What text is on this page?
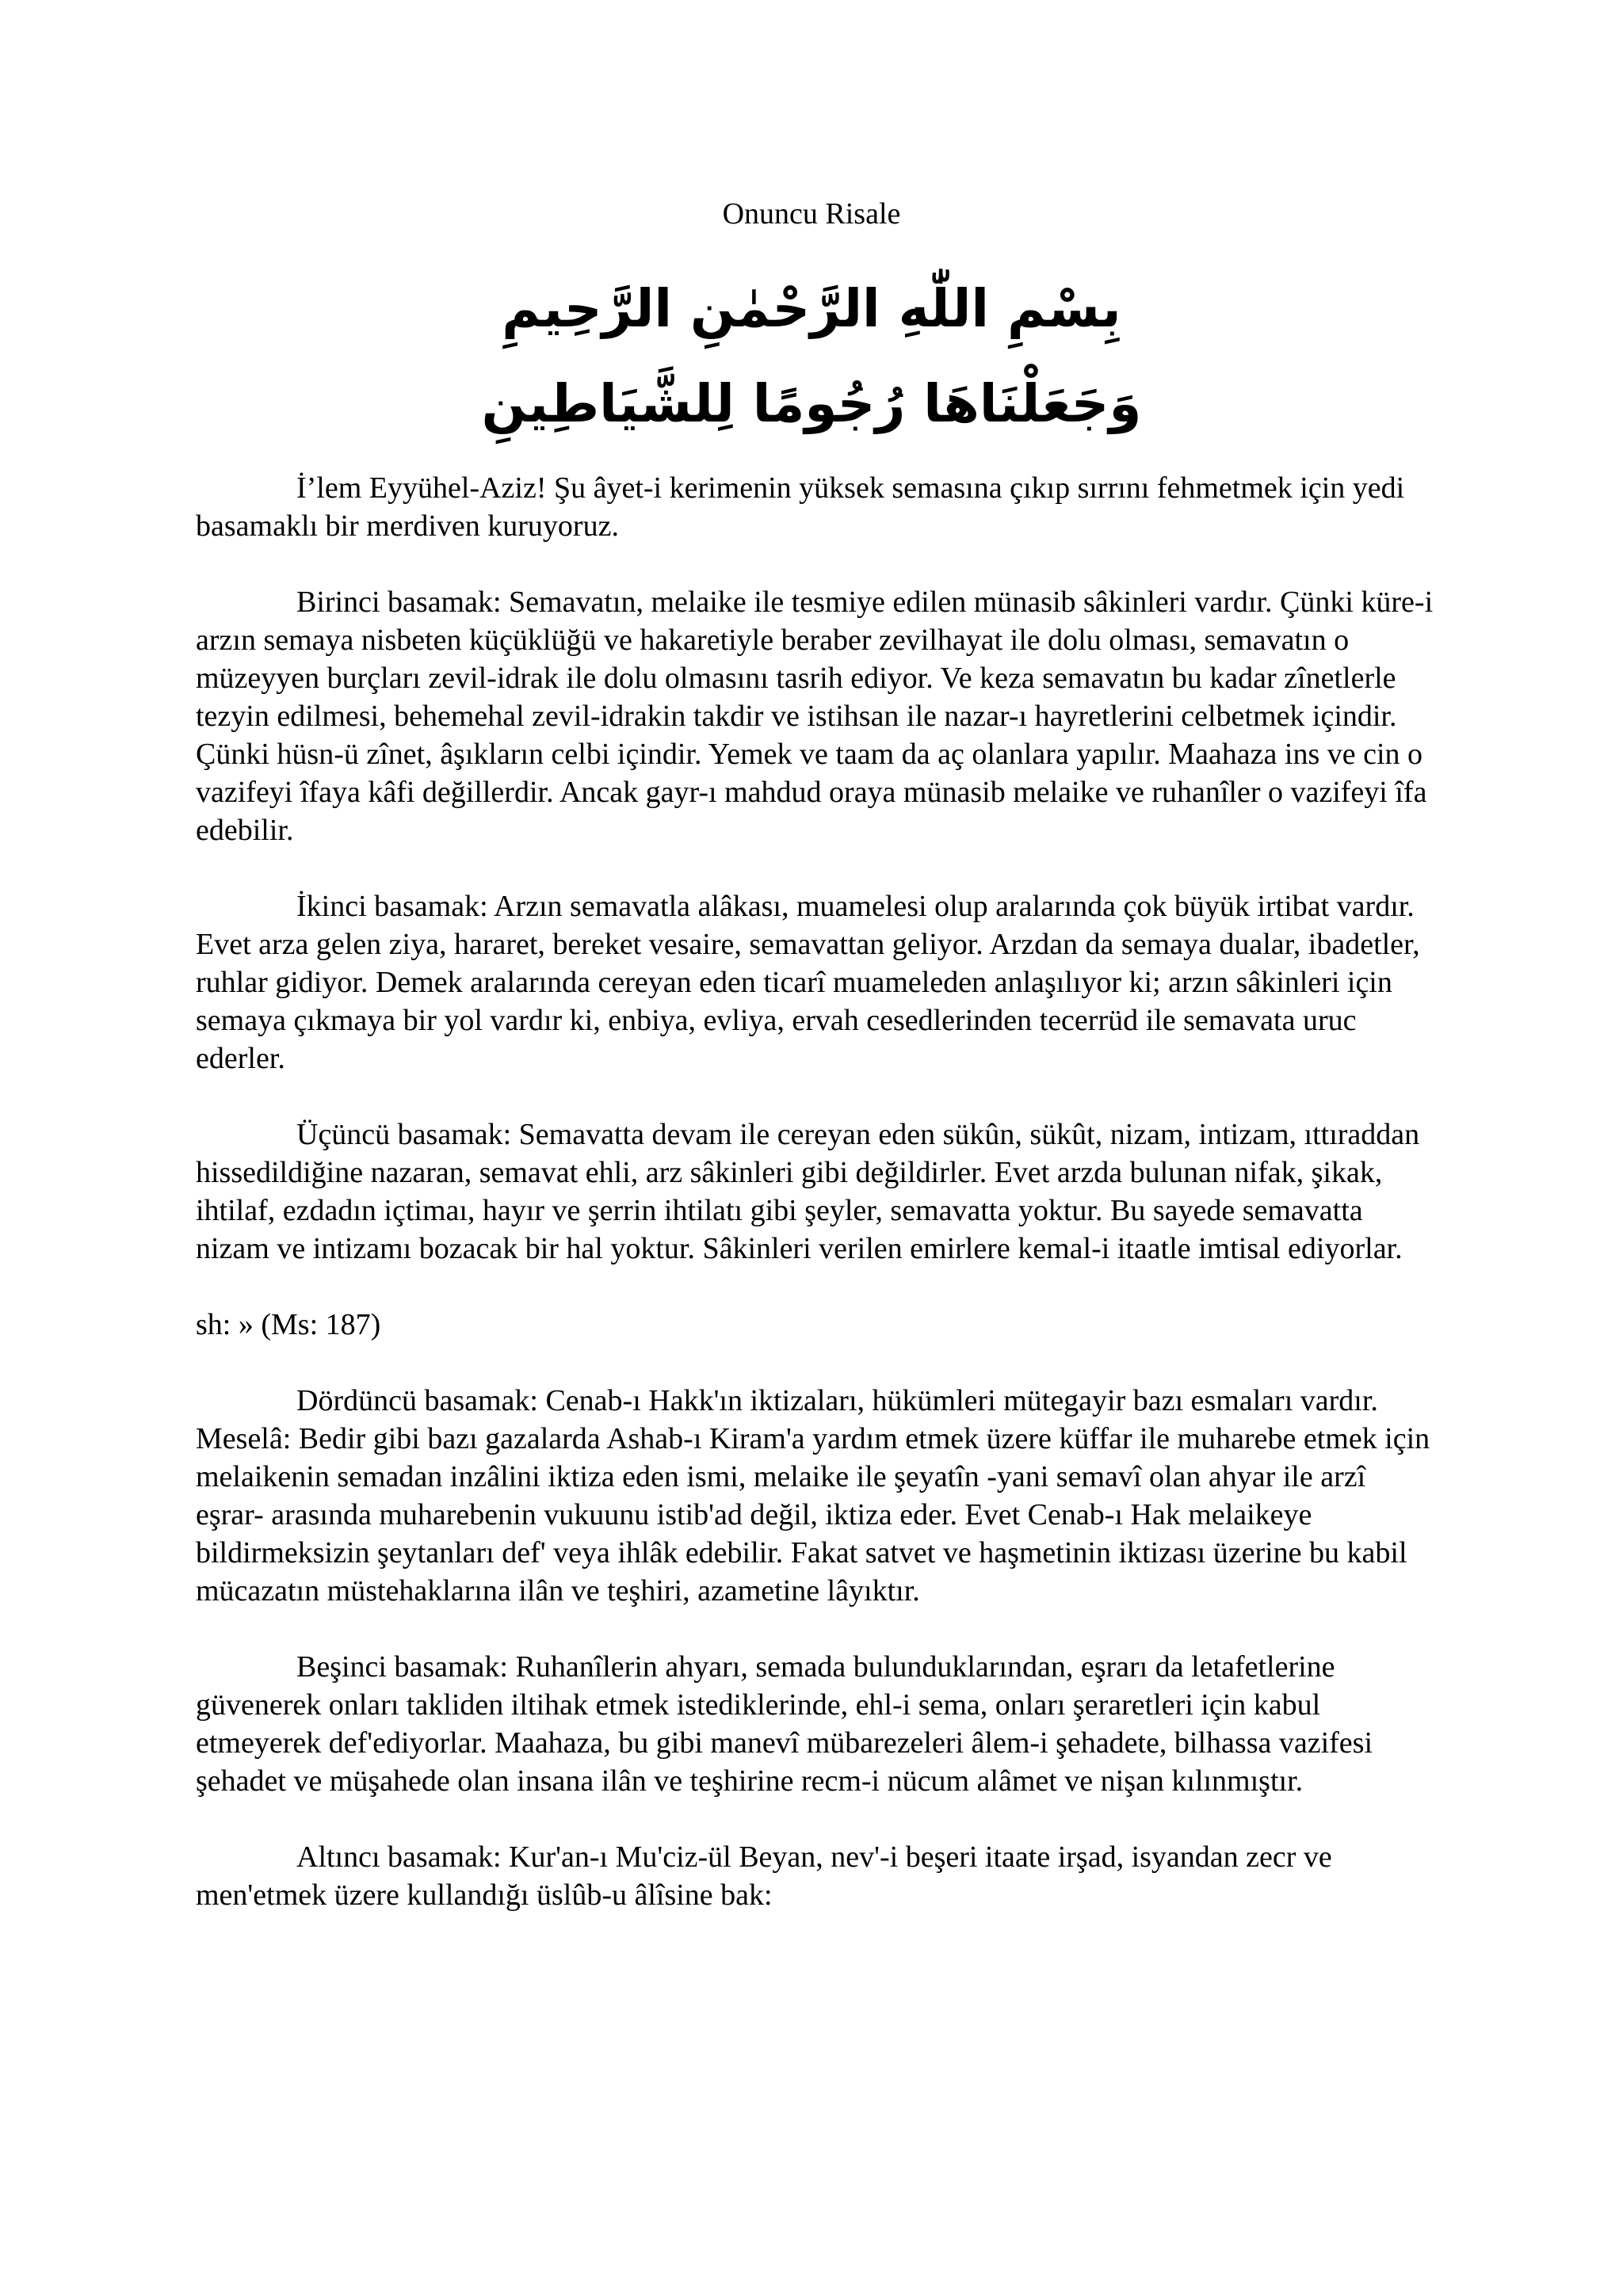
Onuncu Risale
بِسْمِ اللّٰهِ الرَّحْمٰنِ الرَّحِيمِ
وَجَعَلْنَاهَا رُجُومًا لِلشَّيَاطِينِ

İ’lem Eyyühel-Aziz! Şu âyet-i kerimenin yüksek semasına çıkıp sırrını fehmetmek için yedi basamaklı bir merdiven kuruyoruz.

Birinci basamak: Semavatın, melaike ile tesmiye edilen münasib sâkinleri vardır. Çünki küre-i arzın semaya nisbeten küçüklüğü ve hakaretiyle beraber zevilhayat ile dolu olması, semavatın o müzeyyen burçları zevil-idrak ile dolu olmasını tasrih ediyor. Ve keza semavatın bu kadar zînetlerle tezyin edilmesi, behemehal zevil-idrakin takdir ve istihsan ile nazar-ı hayretlerini celbetmek içindir. Çünki hüsn-ü zînet, âşıkların celbi içindir. Yemek ve taam da aç olanlara yapılır. Maahaza ins ve cin o vazifeyi îfaya kâfi değillerdir. Ancak gayr-ı mahdud oraya münasib melaike ve ruhanîler o vazifeyi îfa edebilir.

İkinci basamak: Arzın semavatla alâkası, muamelesi olup aralarında çok büyük irtibat vardır. Evet arza gelen ziya, hararet, bereket vesaire, semavattan geliyor. Arzdan da semaya dualar, ibadetler, ruhlar gidiyor. Demek aralarında cereyan eden ticarî muameleden anlaşılıyor ki; arzın sâkinleri için semaya çıkmaya bir yol vardır ki, enbiya, evliya, ervah cesedlerinden tecerrüd ile semavata uruc ederler.

Üçüncü basamak: Semavatta devam ile cereyan eden sükûn, sükût, nizam, intizam, ıttıraddan hissedildiğine nazaran, semavat ehli, arz sâkinleri gibi değildirler. Evet arzda bulunan nifak, şikak, ihtilaf, ezdadın içtimaı, hayır ve şerrin ihtilatı gibi şeyler, semavatta yoktur. Bu sayede semavatta nizam ve intizamı bozacak bir hal yoktur. Sâkinleri verilen emirlere kemal-i itaatle imtisal ediyorlar.

sh: » (Ms: 187)

Dördüncü basamak: Cenab-ı Hakk'ın iktizaları, hükümleri mütegayir bazı esmaları vardır. Meselâ: Bedir gibi bazı gazalarda Ashab-ı Kiram'a yardım etmek üzere küffar ile muharebe etmek için melaikenin semadan inzâlini iktiza eden ismi, melaike ile şeyatîn -yani semavî olan ahyar ile arzî eşrar- arasında muharebenin vukuunu istib'ad değil, iktiza eder. Evet Cenab-ı Hak melaikeye bildirmeksizin şeytanları def' veya ihlâk edebilir. Fakat satvet ve haşmetinin iktizası üzerine bu kabil mücazatın müstehaklarına ilân ve teşhiri, azametine lâyıktır.

Beşinci basamak: Ruhanîlerin ahyarı, semada bulunduklarından, eşrarı da letafetlerine güvenerek onları takliden iltihak etmek istediklerinde, ehl-i sema, onları şeraretleri için kabul etmeyerek def'ediyorlar. Maahaza, bu gibi manevî mübarezeleri âlem-i şehadete, bilhassa vazifesi şehadet ve müşahede olan insana ilân ve teşhirine recm-i nücum alâmet ve nişan kılınmıştır.

Altıncı basamak: Kur'an-ı Mu'ciz-ül Beyan, nev'-i beşeri itaate irşad, isyandan zecr ve men'etmek üzere kullandığı üslûb-u âlîsine bak:
